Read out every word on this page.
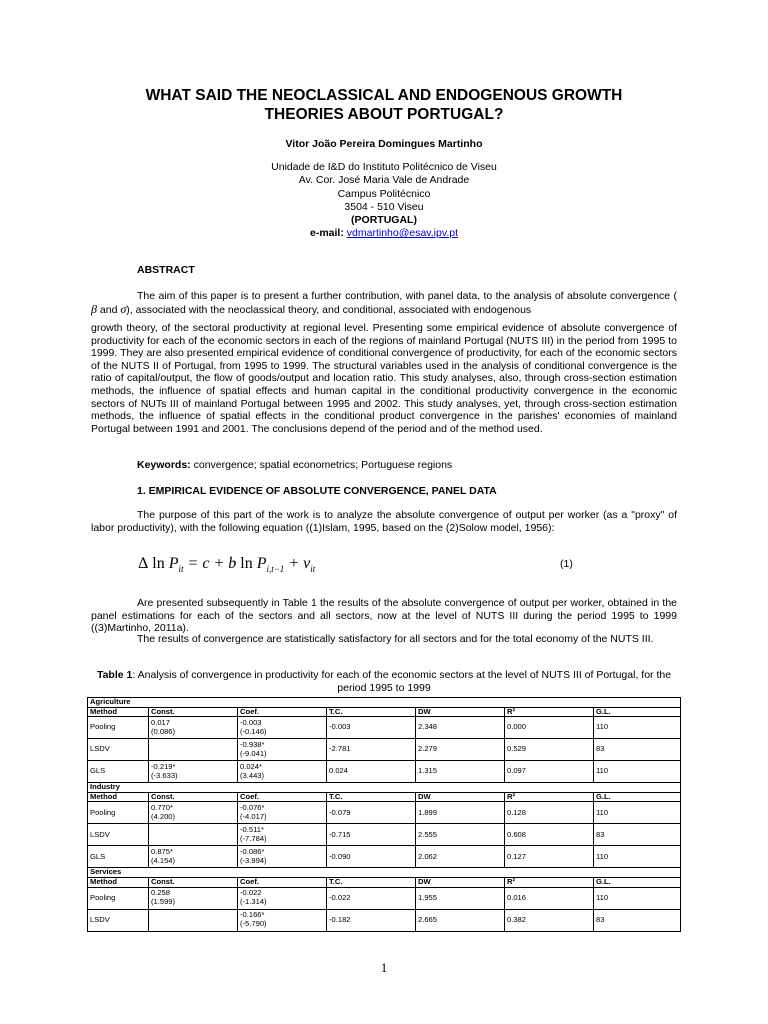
WHAT SAID THE NEOCLASSICAL AND ENDOGENOUS GROWTH
THEORIES ABOUT PORTUGAL?
Vitor João Pereira Domingues Martinho
Unidade de I&D do Instituto Politécnico de Viseu
Av. Cor. José Maria Vale de Andrade
Campus Politécnico
3504 - 510 Viseu
(PORTUGAL)
e-mail: vdmartinho@esav.ipv.pt
ABSTRACT

The aim of this paper is to present a further contribution, with panel data, to the analysis of absolute convergence ( β and σ), associated with the neoclassical theory, and conditional, associated with endogenous

growth theory, of the sectoral productivity at regional level. Presenting some empirical evidence of absolute convergence of productivity for each of the economic sectors in each of the regions of mainland Portugal (NUTS III) in the period from 1995 to 1999. They are also presented empirical evidence of conditional convergence of productivity, for each of the economic sectors of the NUTS II of Portugal, from 1995 to 1999. The structural variables used in the analysis of conditional convergence is the ratio of capital/output, the flow of goods/output and location ratio. This study analyses, also, through cross-section estimation methods, the influence of spatial effects and human capital in the conditional productivity convergence in the economic sectors of NUTs III of mainland Portugal between 1995 and 2002. This study analyses, yet, through cross-section estimation methods, the influence of spatial effects in the conditional product convergence in the parishes' economies of mainland Portugal between 1991 and 2001. The conclusions depend of the period and of the method used.

Keywords: convergence; spatial econometrics; Portuguese regions
1. EMPIRICAL EVIDENCE OF ABSOLUTE CONVERGENCE, PANEL DATA

The purpose of this part of the work is to analyze the absolute convergence of output per worker (as a "proxy" of labor productivity), with the following equation ((1)Islam, 1995, based on the (2)Solow model, 1956):

Δ $\ln P_{it} = c + b$ $\ln P_{i,t-1} + v_{it}$	(1)

Are presented subsequently in Table 1 the results of the absolute convergence of output per worker, obtained in the panel estimations for each of the sectors and all sectors, now at the level of NUTS III during the period 1995 to 1999 ((3)Martinho, 2011a).

The results of convergence are statistically satisfactory for all sectors and for the total economy of the NUTS III.

Table 1: Analysis of convergence in productivity for each of the economic sectors at the level of NUTS III of Portugal, for the period 1995 to 1999

Agriculture						
Method	Const.	Coef.	T.C.	DW	R²	G.L.
Pooling	0.017
(0.086)	-0.003
(-0.146)	-0.003	2.348	0.000	110
LSDV		-0.938*
(-9.041)	-2.781	2.279	0.529	83
GLS	-0.219*
(-3.633)	0.024*
(3.443)	0.024	1.315	0.097	110
Industry						
Method	Const.	Coef.	T.C.	DW	R²	G.L.
Pooling	0.770*
(4.200)	-0.076*
(-4.017)	-0.079	1.899	0.128	110
LSDV		-0.511*
(-7.784)	-0.715	2.555	0.608	83
GLS	0.875*
(4.154)	-0.086*
(-3.994)	-0.090	2.062	0.127	110
Services						
Method	Const.	Coef.	T.C.	DW	R²	G.L.
Pooling	0.258
(1.599)	-0.022
(-1.314)	-0.022	1.955	0.016	110
LSDV		-0.166*
(-5.790)	-0.182	2.665	0.382	83
1
